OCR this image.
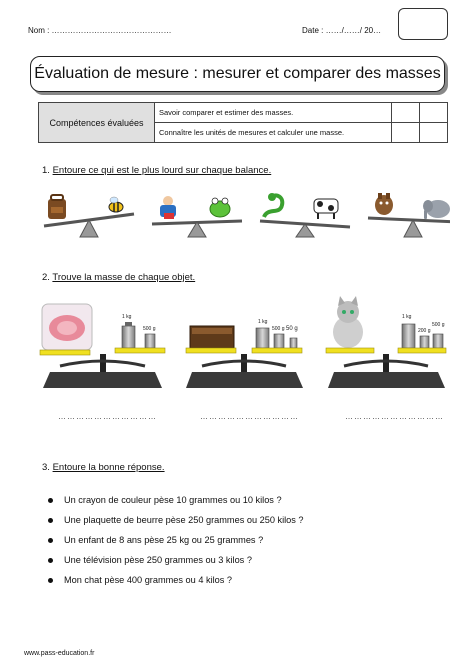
Nom : ………………………………………	Date : ……/……/ 20…
Évaluation de mesure : mesurer et comparer des masses
Compétences évaluées	Savoir comparer et estimer des masses.		
	Connaître les unités de mesures et calculer une masse.		
1. Entoure ce qui est le plus lourd sur chaque balance.
2. Trouve la masse de chaque objet.
1 kg
500 g
1 kg
500 g 50 g
1 kg
200 g
500 g
……………………………	……………………………	……………………………
3. Entoure la bonne réponse.
Un crayon de couleur pèse 10 grammes ou 10 kilos ?
Une plaquette de beurre pèse 250 grammes ou 250 kilos ?
Un enfant de 8 ans pèse 25 kg ou 25 grammes ?
Une télévision pèse 250 grammes ou 3 kilos ?
Mon chat pèse 400 grammes ou 4 kilos ?
www.pass-education.fr
